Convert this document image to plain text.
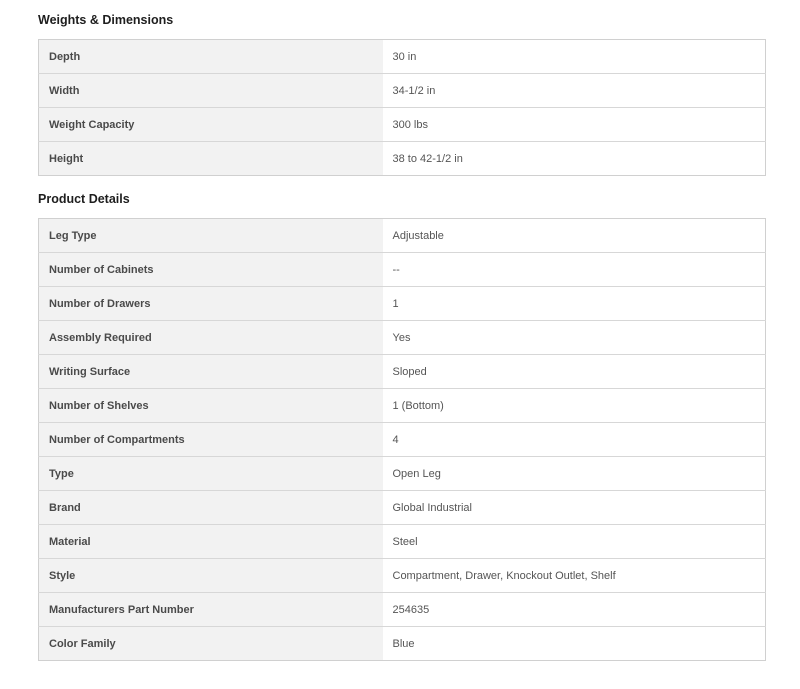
Weights & Dimensions
Depth	30 in
Width	34-1/2 in
Weight Capacity	300 lbs
Height	38 to 42-1/2 in
Product Details
Leg Type	Adjustable
Number of Cabinets	--
Number of Drawers	1
Assembly Required	Yes
Writing Surface	Sloped
Number of Shelves	1 (Bottom)
Number of Compartments	4
Type	Open Leg
Brand	Global Industrial
Material	Steel
Style	Compartment, Drawer, Knockout Outlet, Shelf
Manufacturers Part Number	254635
Color Family	Blue
